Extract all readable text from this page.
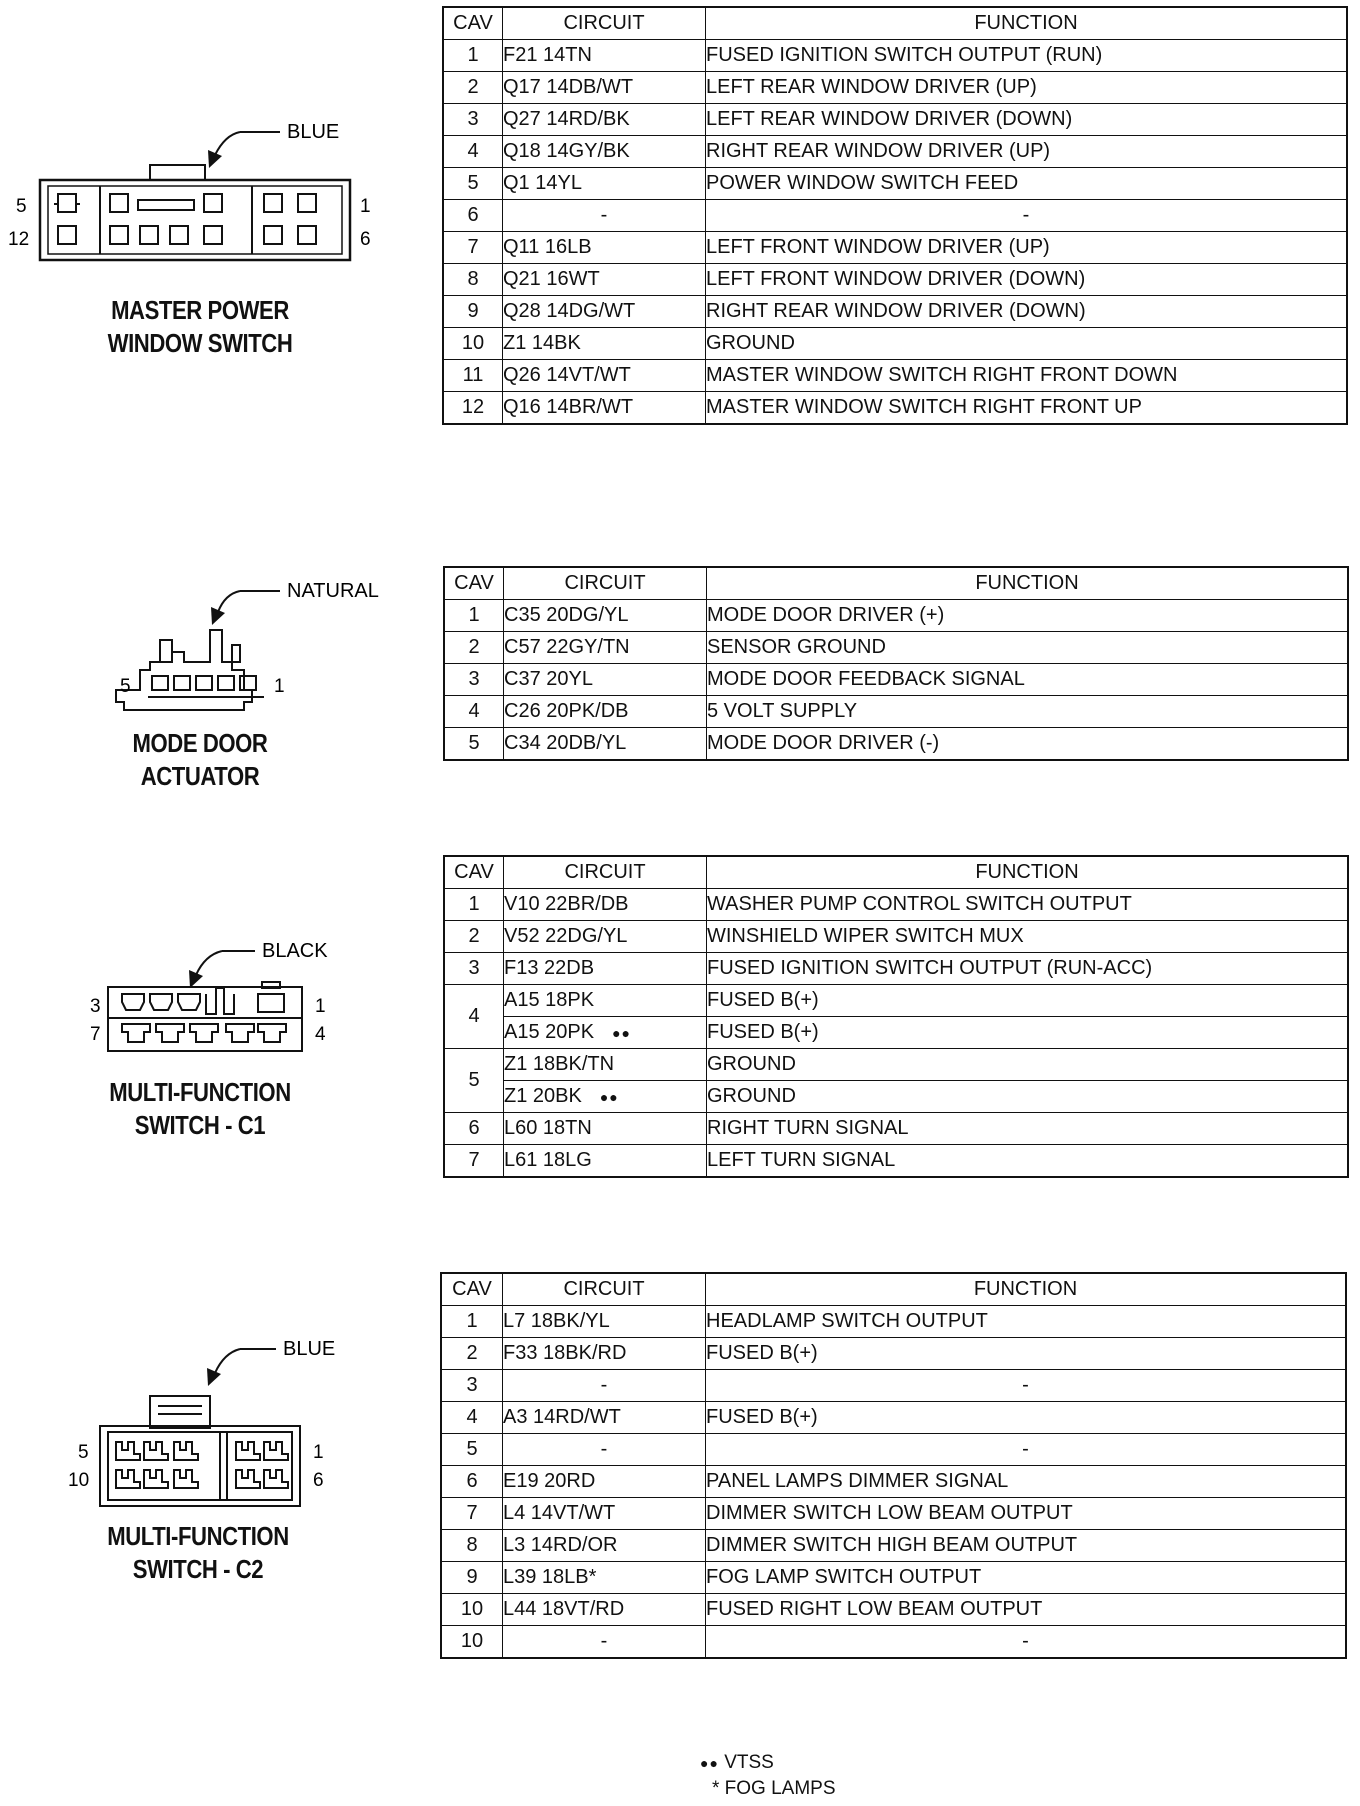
BLUE
5
12
1
6
MASTER POWER
WINDOW SWITCH
CAV	CIRCUIT	FUNCTION
1	F21 14TN	FUSED IGNITION SWITCH OUTPUT (RUN)
2	Q17 14DB/WT	LEFT REAR WINDOW DRIVER (UP)
3	Q27 14RD/BK	LEFT REAR WINDOW DRIVER (DOWN)
4	Q18 14GY/BK	RIGHT REAR WINDOW DRIVER (UP)
5	Q1 14YL	POWER WINDOW SWITCH FEED
6	-	-
7	Q11 16LB	LEFT FRONT WINDOW DRIVER (UP)
8	Q21 16WT	LEFT FRONT WINDOW DRIVER (DOWN)
9	Q28 14DG/WT	RIGHT REAR WINDOW DRIVER (DOWN)
10	Z1 14BK	GROUND
11	Q26 14VT/WT	MASTER WINDOW SWITCH RIGHT FRONT DOWN
12	Q16 14BR/WT	MASTER WINDOW SWITCH RIGHT FRONT UP
NATURAL
5	1
MODE DOOR
ACTUATOR
CAV	CIRCUIT	FUNCTION
1	C35 20DG/YL	MODE DOOR DRIVER (+)
2	C57 22GY/TN	SENSOR GROUND
3	C37 20YL	MODE DOOR FEEDBACK SIGNAL
4	C26 20PK/DB	5 VOLT SUPPLY
5	C34 20DB/YL	MODE DOOR DRIVER (-)
BLACK
3
7
1
4
MULTI-FUNCTION
SWITCH - C1
CAV	CIRCUIT	FUNCTION
1	V10 22BR/DB	WASHER PUMP CONTROL SWITCH OUTPUT
2	V52 22DG/YL	WINSHIELD WIPER SWITCH MUX
3	F13 22DB	FUSED IGNITION SWITCH OUTPUT (RUN-ACC)
4	A15 18PK	FUSED B(+)
	A15 20PK ●●	FUSED B(+)
5	Z1 18BK/TN	GROUND
	Z1 20BK ●●	GROUND
6	L60 18TN	RIGHT TURN SIGNAL
7	L61 18LG	LEFT TURN SIGNAL
BLUE
5
10
1
6
MULTI-FUNCTION
SWITCH - C2
CAV	CIRCUIT	FUNCTION
1	L7 18BK/YL	HEADLAMP SWITCH OUTPUT
2	F33 18BK/RD	FUSED B(+)
3	-	-
4	A3 14RD/WT	FUSED B(+)
5	-	-
6	E19 20RD	PANEL LAMPS DIMMER SIGNAL
7	L4 14VT/WT	DIMMER SWITCH LOW BEAM OUTPUT
8	L3 14RD/OR	DIMMER SWITCH HIGH BEAM OUTPUT
9	L39 18LB*	FOG LAMP SWITCH OUTPUT
10	L44 18VT/RD	FUSED RIGHT LOW BEAM OUTPUT
10	-	-
●● VTSS
* FOG LAMPS
